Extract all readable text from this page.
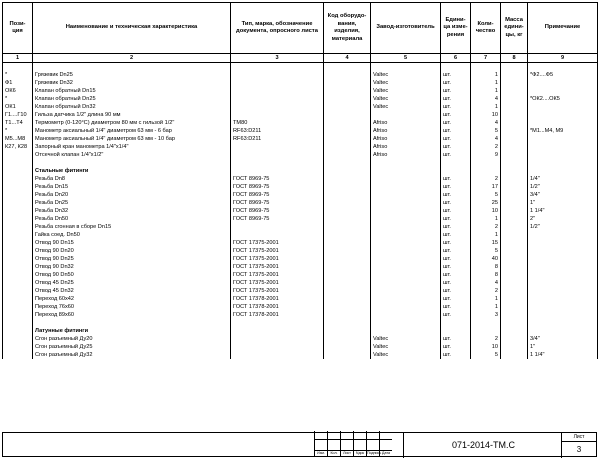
Пози-ция	Наименование и техническая характеристика	Тип, марка, обозначение документа, опросного листа	Код оборудо-вания, изделия, материала	Завод-изготовитель	Едини-ца изме-рения	Коли-чество	Масса едини-цы, кг	Примечание
1	2	3	4	5	6	7	8	9

*	Грязевик Dn25			Valtec	шт.	1		*Ф2....Ф5
Ф1	Грязевик Dn32			Valtec	шт.	1		
ОК6	Клапан обратный Dn15			Valtec	шт.	1		
*	Клапан обратный Dn25			Valtec	шт.	4		*ОК2....ОК5
ОК1	Клапан обратный Dn32			Valtec	шт.	1		
Г1....Г10	Гильза датчика 1/2" длина 90 мм				шт.	10		
Т1...Т4	Термометр (0-120°С) диаметром 80 мм с гильзой 1/2"	ТМ80		Afriso	шт.	4		
*	Манометр аксиальный 1/4" диаметром 63 мм - 6 бар	RF63:D211		Afriso	шт.	5		*М1...М4, М9
М5...М8	Манометр аксиальный 1/4" диаметром 63 мм - 10 бар	RF63:D211		Afriso	шт.	4		
К27, К28	Запорный кран манометра 1/4"x1/4"			Afriso	шт.	2		
	Отсечной клапан 1/4"x1/2"			Afriso	шт.	9		

	Стальные фитинги							
	Резьба Dn8	ГОСТ 8969-75			шт.	2		1/4"
	Резьба Dn15	ГОСТ 8969-75			шт.	17		1/2"
	Резьба Dn20	ГОСТ 8969-75			шт.	5		3/4"
	Резьба Dn25	ГОСТ 8969-75			шт.	25		1"
	Резьба Dn32	ГОСТ 8969-75			шт.	10		1 1/4"
	Резьба Dn50	ГОСТ 8969-75			шт.	1		2"
	Резьба сгонная в сборе Dn15				шт.	2		1/2"
	Гайка соед. Dn50				шт.	1		
	Отвод 90 Dn15	ГОСТ 17375-2001			шт.	15		
	Отвод 90 Dn20	ГОСТ 17375-2001			шт.	5		
	Отвод 90 Dn25	ГОСТ 17375-2001			шт.	40		
	Отвод 90 Dn32	ГОСТ 17375-2001			шт.	8		
	Отвод 90 Dn50	ГОСТ 17375-2001			шт.	8		
	Отвод 45 Dn25	ГОСТ 17375-2001			шт.	4		
	Отвод 45 Dn32	ГОСТ 17375-2001			шт.	2		
	Переход 60x42	ГОСТ 17378-2001			шт.	1		
	Переход 76x60	ГОСТ 17378-2001			шт.	1		
	Переход 89x60	ГОСТ 17378-2001			шт.	3		

	Латунные фитинги							
	Сгон разъемный Ду20			Valtec	шт.	2		3/4"
	Сгон разъемный Ду25			Valtec	шт.	10		1"
	Сгон разъемный Ду32			Valtec	шт.	5		1 1/4"
Изм.	Кол.	Лист	Nдок Подпись Дата
071-2014-ТМ.С
Лист
3
